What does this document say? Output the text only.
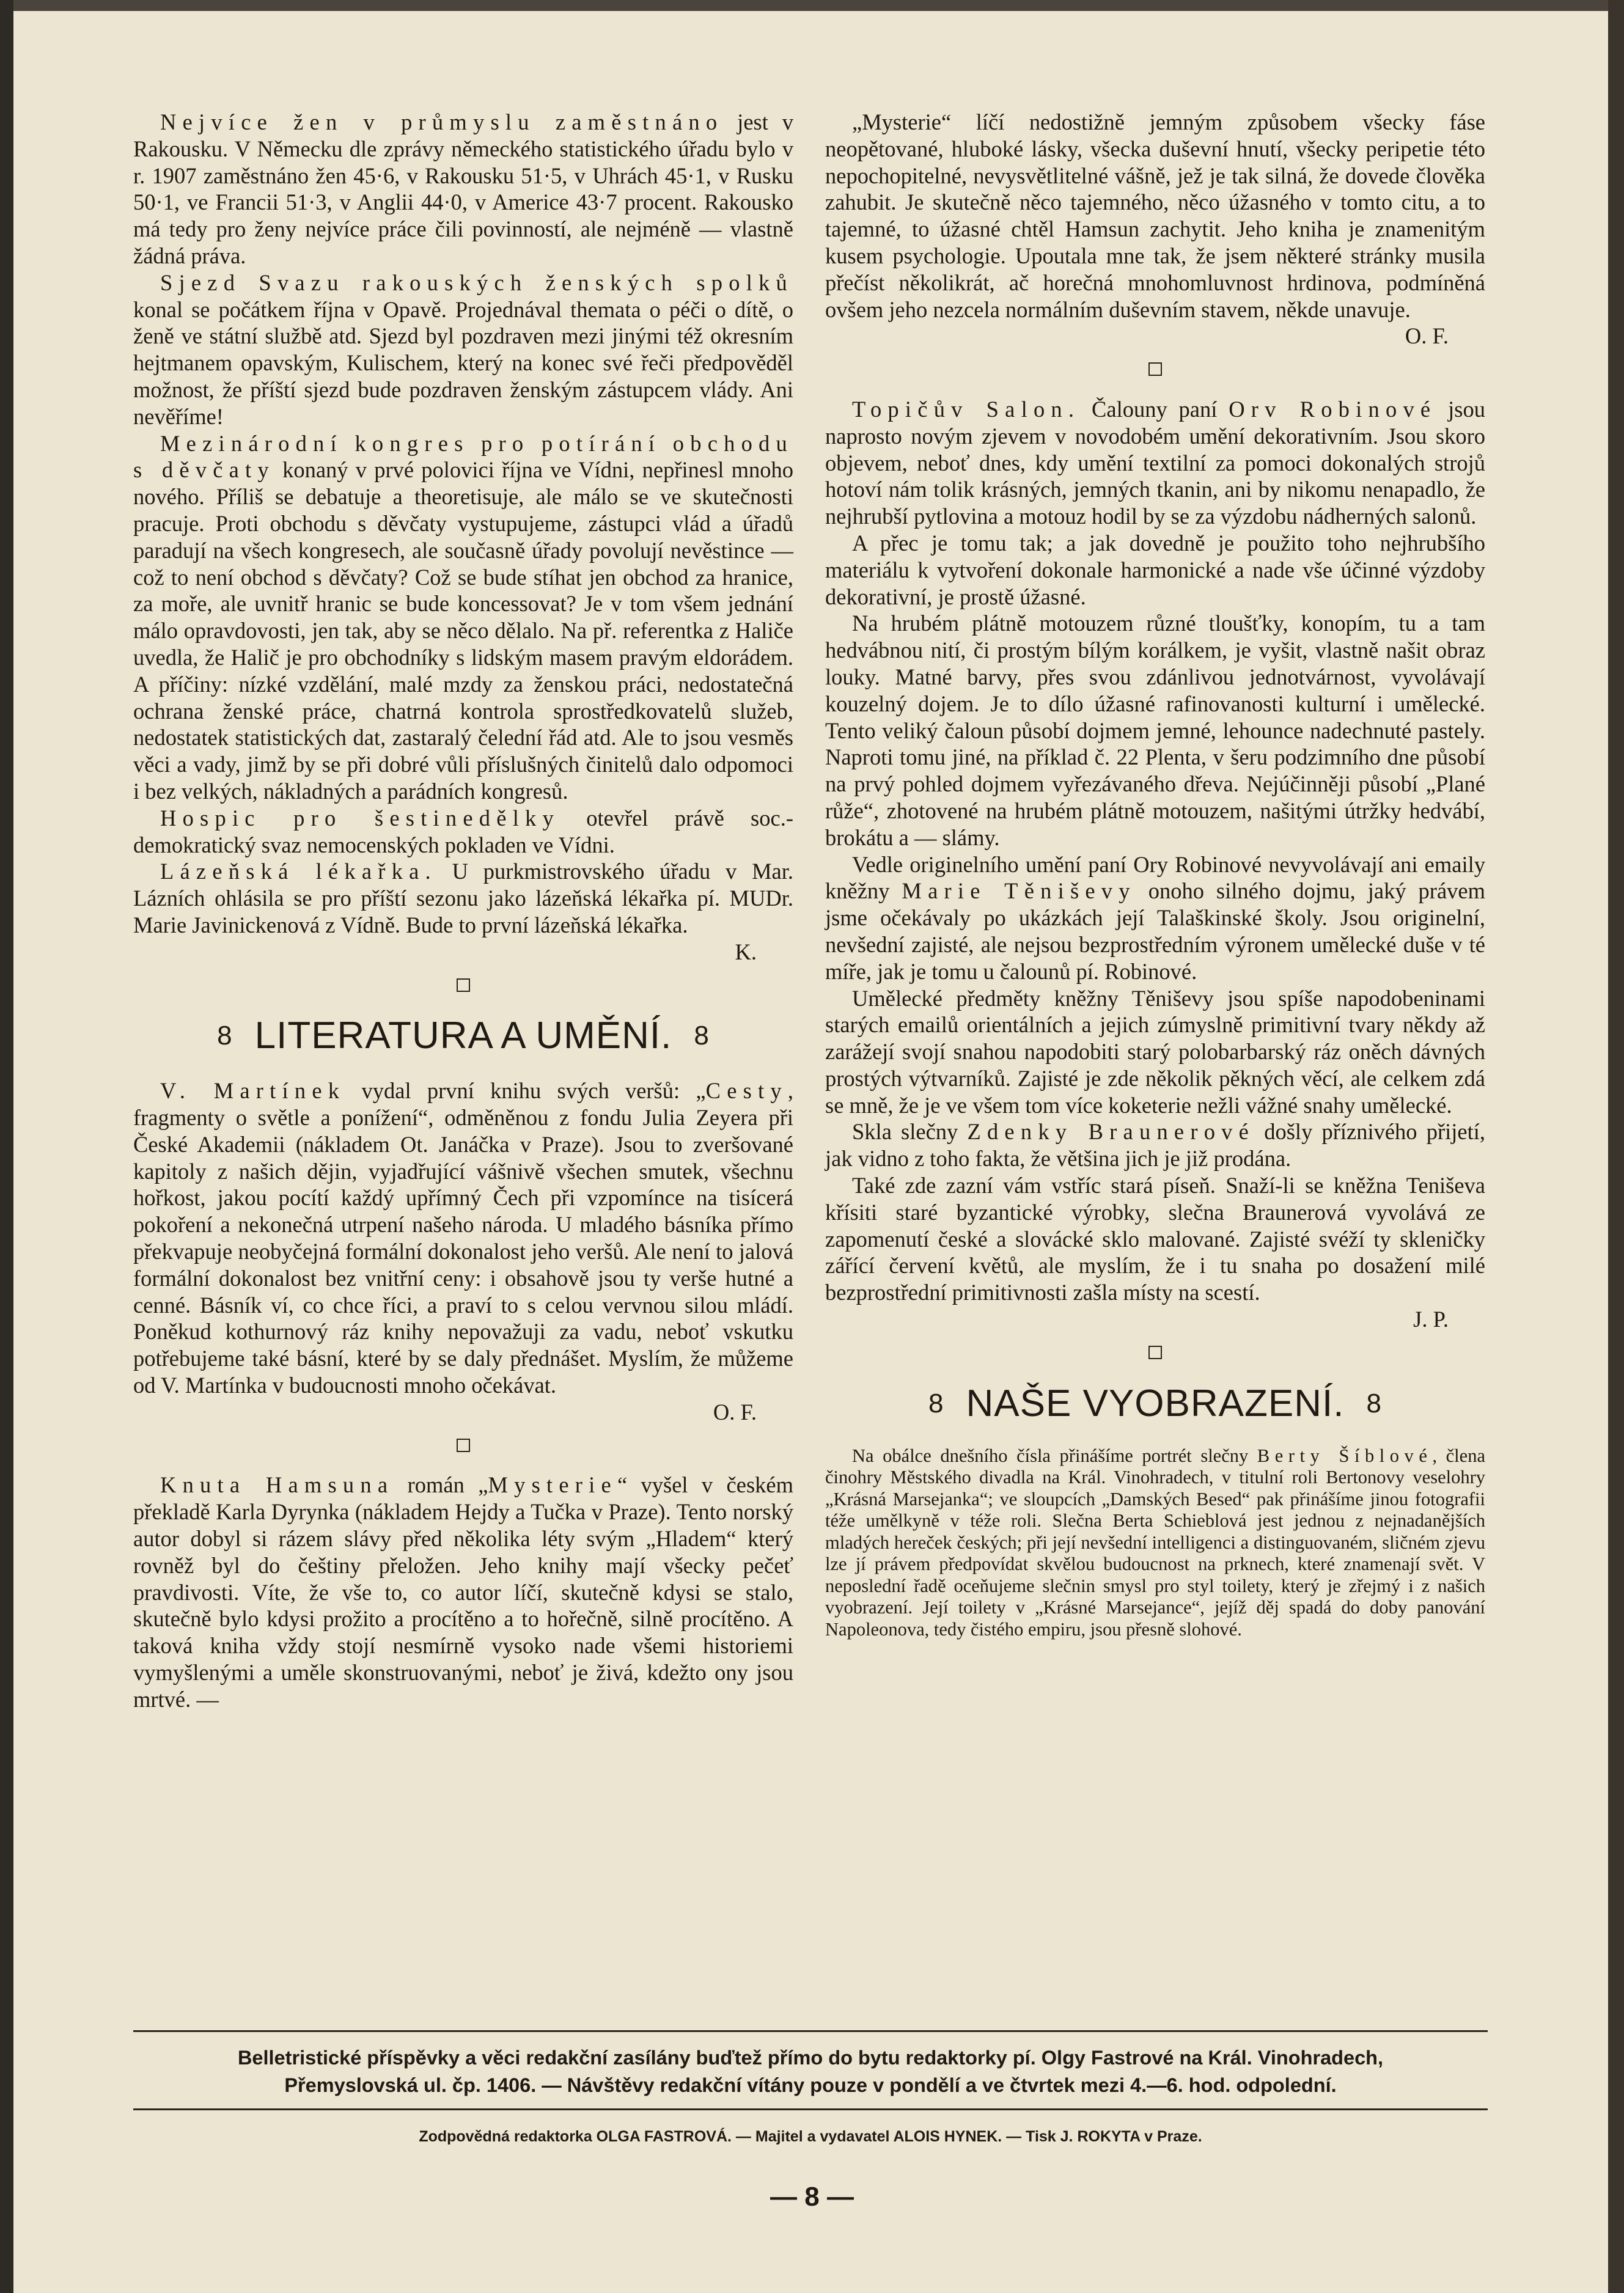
Nejvíce žen v průmyslu zaměstnáno jest v Rakousku. V Německu dle zprávy německého statistického úřadu bylo v r. 1907 zaměstnáno žen 45·6, v Rakousku 51·5, v Uhrách 45·1, v Rusku 50·1, ve Francii 51·3, v Anglii 44·0, v Americe 43·7 procent. Rakousko má tedy pro ženy nejvíce práce čili povinností, ale nejméně — vlastně žádná práva.

Sjezd Svazu rakouských ženských spolků konal se počátkem října v Opavě. Projednával themata o péči o dítě, o ženě ve státní službě atd. Sjezd byl pozdraven mezi jinými též okresním hejtmanem opavským, Kulischem, který na konec své řeči předpověděl možnost, že příští sjezd bude pozdraven ženským zástupcem vlády. Ani nevěříme!

Mezinárodní kongres pro potírání obchodu s děvčaty konaný v prvé polovici října ve Vídni, nepřinesl mnoho nového. Příliš se debatuje a theoretisuje, ale málo se ve skutečnosti pracuje. Proti obchodu s děvčaty vystupujeme, zástupci vlád a úřadů paradují na všech kongresech, ale současně úřady povolují nevěstince — což to není obchod s děvčaty? Což se bude stíhat jen obchod za hranice, za moře, ale uvnitř hranic se bude koncessovat? Je v tom všem jednání málo opravdovosti, jen tak, aby se něco dělalo. Na př. referentka z Haliče uvedla, že Halič je pro obchodníky s lidským masem pravým eldorádem. A příčiny: nízké vzdělání, malé mzdy za ženskou práci, nedostatečná ochrana ženské práce, chatrná kontrola sprostředkovatelů služeb, nedostatek statistických dat, zastaralý čelední řád atd. Ale to jsou vesměs věci a vady, jimž by se při dobré vůli příslušných činitelů dalo odpomoci i bez velkých, nákladných a parádních kongresů.

Hospic pro šestinedělky otevřel právě soc.-demokratický svaz nemocenských pokladen ve Vídni.

Lázeňská lékařka. U purkmistrovského úřadu v Mar. Lázních ohlásila se pro příští sezonu jako lázeňská lékařka pí. MUDr. Marie Javinickenová z Vídně. Bude to první lázeňská lékařka.
K.

8 LITERATURA A UMĚNÍ. 8

V. Martínek vydal první knihu svých veršů: „Cesty, fragmenty o světle a ponížení“, odměněnou z fondu Julia Zeyera při České Akademii (nákladem Ot. Janáčka v Praze). Jsou to zveršované kapitoly z našich dějin, vyjadřující vášnivě všechen smutek, všechnu hořkost, jakou pocítí každý upřímný Čech při vzpomínce na tisícerá pokoření a nekonečná utrpení našeho národa. U mladého básníka přímo překvapuje neobyčejná formální dokonalost jeho veršů. Ale není to jalová formální dokonalost bez vnitřní ceny: i obsahově jsou ty verše hutné a cenné. Básník ví, co chce říci, a praví to s celou vervnou silou mládí. Poněkud kothurnový ráz knihy nepovažuji za vadu, neboť vskutku potřebujeme také básní, které by se daly přednášet. Myslím, že můžeme od V. Martínka v budoucnosti mnoho očekávat.
O. F.

Knuta Hamsuna román „Mysterie“ vyšel v českém překladě Karla Dyrynka (nákladem Hejdy a Tučka v Praze). Tento norský autor dobyl si rázem slávy před několika léty svým „Hladem“ který rovněž byl do češtiny přeložen. Jeho knihy mají všecky pečeť pravdivosti. Víte, že vše to, co autor líčí, skutečně kdysi se stalo, skutečně bylo kdysi prožito a procítěno a to hořečně, silně procítěno. A taková kniha vždy stojí nesmírně vysoko nade všemi historiemi vymyšlenými a uměle skonstruovanými, neboť je živá, kdežto ony jsou mrtvé. —

„Mysterie“ líčí nedostižně jemným způsobem všecky fáse neopětované, hluboké lásky, všecka duševní hnutí, všecky peripetie této nepochopitelné, nevysvětlitelné vášně, jež je tak silná, že dovede člověka zahubit. Je skutečně něco tajemného, něco úžasného v tomto citu, a to tajemné, to úžasné chtěl Hamsun zachytit. Jeho kniha je znamenitým kusem psychologie. Upoutala mne tak, že jsem některé stránky musila přečíst několikrát, ač horečná mnohomluvnost hrdinova, podmíněná ovšem jeho nezcela normálním duševním stavem, někde unavuje.
O. F.

Topičův Salon. Čalouny paní Orv Robinové jsou naprosto novým zjevem v novodobém umění dekorativním. Jsou skoro objevem, neboť dnes, kdy umění textilní za pomoci dokonalých strojů hotoví nám tolik krásných, jemných tkanin, ani by nikomu nenapadlo, že nejhrubší pytlovina a motouz hodil by se za výzdobu nádherných salonů.

A přec je tomu tak; a jak dovedně je použito toho nejhrubšího materiálu k vytvoření dokonale harmonické a nade vše účinné výzdoby dekorativní, je prostě úžasné.

Na hrubém plátně motouzem různé tloušťky, konopím, tu a tam hedvábnou nití, či prostým bílým korálkem, je vyšit, vlastně našit obraz louky. Matné barvy, přes svou zdánlivou jednotvárnost, vyvolávají kouzelný dojem. Je to dílo úžasné rafinovanosti kulturní i umělecké. Tento veliký čaloun působí dojmem jemné, lehounce nadechnuté pastely. Naproti tomu jiné, na příklad č. 22 Plenta, v šeru podzimního dne působí na prvý pohled dojmem vyřezávaného dřeva. Nejúčinněji působí „Plané růže“, zhotovené na hrubém plátně motouzem, našitými útržky hedvábí, brokátu a — slámy.

Vedle originelního umění paní Ory Robinové nevyvolávají ani emaily kněžny Marie Těniševy onoho silného dojmu, jaký právem jsme očekávaly po ukázkách její Talaškinské školy. Jsou originelní, nevšední zajisté, ale nejsou bezprostředním výronem umělecké duše v té míře, jak je tomu u čalounů pí. Robinové.

Umělecké předměty kněžny Těniševy jsou spíše napodobeninami starých emailů orientálních a jejich zúmyslně primitivní tvary někdy až zarážejí svojí snahou napodobiti starý polobarbarský ráz oněch dávných prostých výtvarníků. Zajisté je zde několik pěkných věcí, ale celkem zdá se mně, že je ve všem tom více koketerie nežli vážné snahy umělecké.

Skla slečny Zdenky Braunerové došly příznivého přijetí, jak vidno z toho fakta, že většina jich je již prodána.

Také zde zazní vám vstříc stará píseň. Snaží-li se kněžna Teniševa křísiti staré byzantické výrobky, slečna Braunerová vyvolává ze zapomenutí české a slovácké sklo malované. Zajisté svéží ty skleničky zářící červení květů, ale myslím, že i tu snaha po dosažení milé bezprostřední primitivnosti zašla místy na scestí.
J. P.

8 NAŠE VYOBRAZENÍ. 8

Na obálce dnešního čísla přinášíme portrét slečny Berty Šíblové, člena činohry Městského divadla na Král. Vinohradech, v titulní roli Bertonovy veselohry „Krásná Marsejanka“; ve sloupcích „Damských Besed“ pak přinášíme jinou fotografii téže umělkyně v téže roli. Slečna Berta Schieblová jest jednou z nejnadanějších mladých hereček českých; při její nevšední intelligenci a distinguovaném, sličném zjevu lze jí právem předpovídat skvělou budoucnost na prknech, které znamenají svět. V neposlední řadě oceňujeme slečnin smysl pro styl toilety, který je zřejmý i z našich vyobrazení. Její toilety v „Krásné Marsejance“, jejíž děj spadá do doby panování Napoleonova, tedy čistého empiru, jsou přesně slohové.

Belletristické příspěvky a věci redakční zasílány buďtež přímo do bytu redaktorky pí. Olgy Fastrové na Král. Vinohradech,
Přemyslovská ul. čp. 1406. — Návštěvy redakční vítány pouze v pondělí a ve čtvrtek mezi 4.—6. hod. odpolední.
Zodpovědná redaktorka OLGA FASTROVÁ. — Majitel a vydavatel ALOIS HYNEK. — Tisk J. ROKYTA v Praze.
— 8 —
